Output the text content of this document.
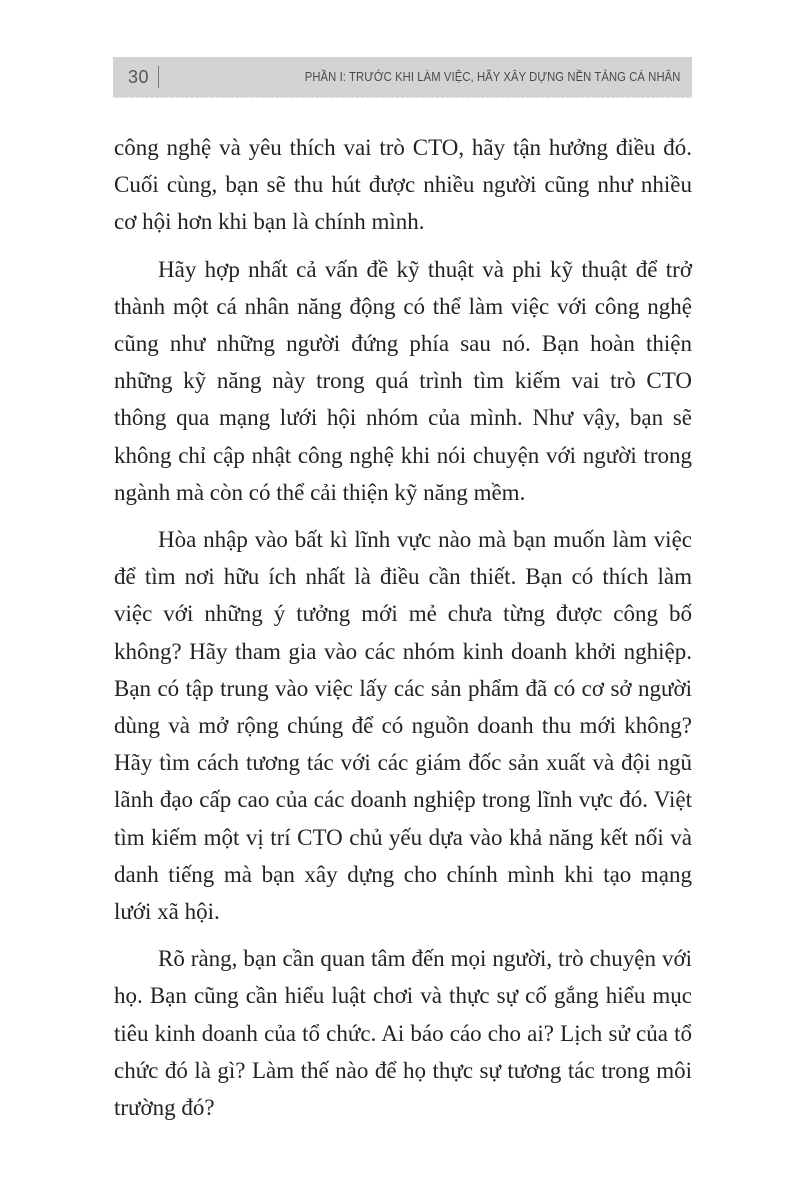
30	PHẦN I: TRƯỚC KHI LÀM VIỆC, HÃY XÂY DỰNG NỀN TẢNG CÁ NHÂN

công nghệ và yêu thích vai trò CTO, hãy tận hưởng điều đó. Cuối cùng, bạn sẽ thu hút được nhiều người cũng như nhiều cơ hội hơn khi bạn là chính mình.

Hãy hợp nhất cả vấn đề kỹ thuật và phi kỹ thuật để trở thành một cá nhân năng động có thể làm việc với công nghệ cũng như những người đứng phía sau nó. Bạn hoàn thiện những kỹ năng này trong quá trình tìm kiếm vai trò CTO thông qua mạng lưới hội nhóm của mình. Như vậy, bạn sẽ không chỉ cập nhật công nghệ khi nói chuyện với người trong ngành mà còn có thể cải thiện kỹ năng mềm.

Hòa nhập vào bất kì lĩnh vực nào mà bạn muốn làm việc để tìm nơi hữu ích nhất là điều cần thiết. Bạn có thích làm việc với những ý tưởng mới mẻ chưa từng được công bố không? Hãy tham gia vào các nhóm kinh doanh khởi nghiệp. Bạn có tập trung vào việc lấy các sản phẩm đã có cơ sở người dùng và mở rộng chúng để có nguồn doanh thu mới không? Hãy tìm cách tương tác với các giám đốc sản xuất và đội ngũ lãnh đạo cấp cao của các doanh nghiệp trong lĩnh vực đó. Việt tìm kiếm một vị trí CTO chủ yếu dựa vào khả năng kết nối và danh tiếng mà bạn xây dựng cho chính mình khi tạo mạng lưới xã hội.

Rõ ràng, bạn cần quan tâm đến mọi người, trò chuyện với họ. Bạn cũng cần hiểu luật chơi và thực sự cố gắng hiểu mục tiêu kinh doanh của tổ chức. Ai báo cáo cho ai? Lịch sử của tổ chức đó là gì? Làm thế nào để họ thực sự tương tác trong môi trường đó?
